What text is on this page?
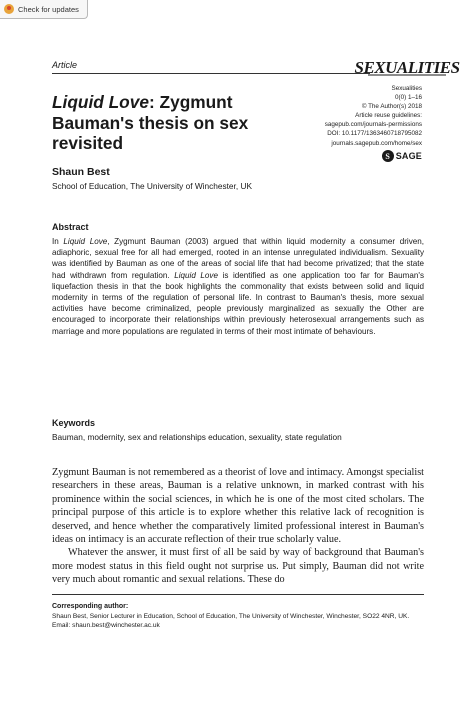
Check for updates
Article	SEXUALITIES
Sexualities
0(0) 1–16
© The Author(s) 2018
Article reuse guidelines:
sagepub.com/journals-permissions
DOI: 10.1177/1363460718795082
journals.sagepub.com/home/sex
S SAGE
Liquid Love: Zygmunt Bauman's thesis on sex revisited
Shaun Best
School of Education, The University of Winchester, UK
Abstract
In Liquid Love, Zygmunt Bauman (2003) argued that within liquid modernity a consumer driven, adiaphoric, sexual free for all had emerged, rooted in an intense unregulated individualism. Sexuality was identified by Bauman as one of the areas of social life that had become privatized; that the state had withdrawn from regulation. Liquid Love is identified as one application too far for Bauman's liquefaction thesis in that the book highlights the commonality that exists between solid and liquid modernity in terms of the regulation of personal life. In contrast to Bauman's thesis, more sexual activities have become criminalized, people previously marginalized as sexually the Other are encouraged to incorporate their relationships within previously heterosexual arrangements such as marriage and more populations are regulated in terms of their most intimate of behaviours.
Keywords
Bauman, modernity, sex and relationships education, sexuality, state regulation

Zygmunt Bauman is not remembered as a theorist of love and intimacy. Amongst specialist researchers in these areas, Bauman is a relative unknown, in marked contrast with his prominence within the social sciences, in which he is one of the most cited scholars. The principal purpose of this article is to explore whether this relative lack of recognition is deserved, and hence whether the comparatively limited professional interest in Bauman's ideas on intimacy is an accurate reflection of their true scholarly value.

Whatever the answer, it must first of all be said by way of background that Bauman's more modest status in this field ought not surprise us. Put simply, Bauman did not write very much about romantic and sexual relations. These do

Corresponding author:
Shaun Best, Senior Lecturer in Education, School of Education, The University of Winchester, Winchester, SO22 4NR, UK.
Email: shaun.best@winchester.ac.uk
